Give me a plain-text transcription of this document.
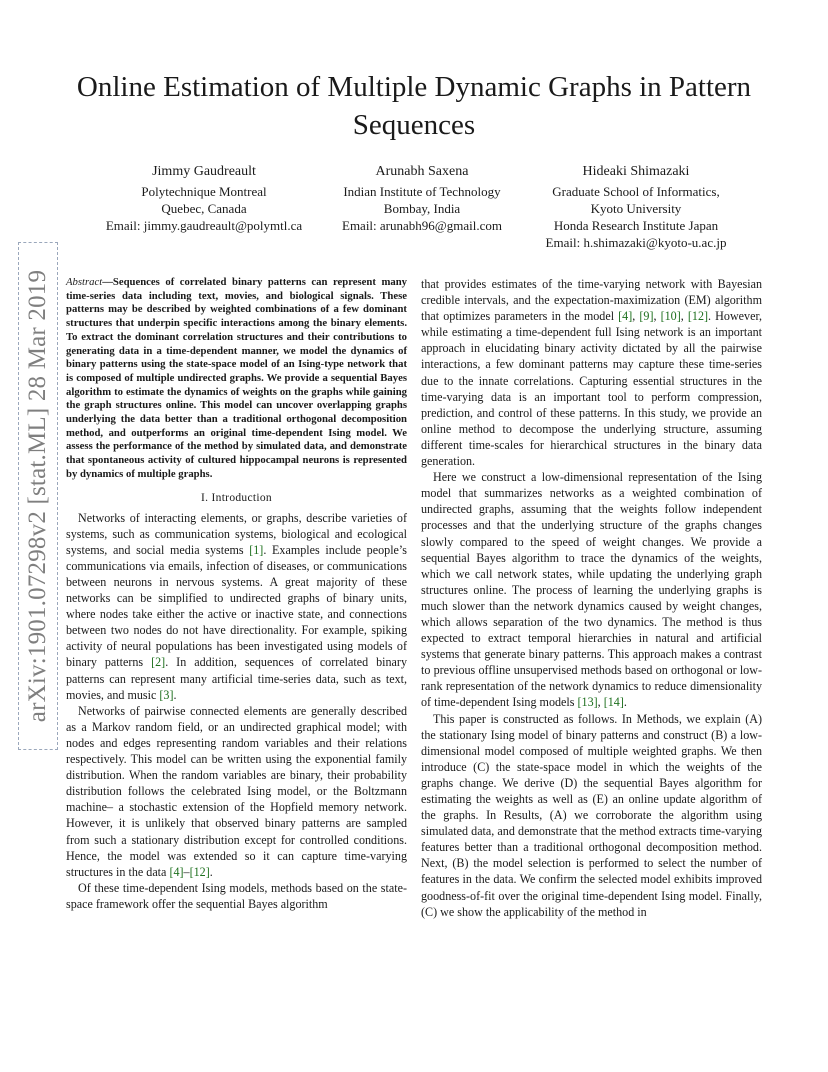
Online Estimation of Multiple Dynamic Graphs in Pattern Sequences
Jimmy Gaudreault
Polytechnique Montreal
Quebec, Canada
Email: jimmy.gaudreault@polymtl.ca
Arunabh Saxena
Indian Institute of Technology
Bombay, India
Email: arunabh96@gmail.com
Hideaki Shimazaki
Graduate School of Informatics,
Kyoto University
Honda Research Institute Japan
Email: h.shimazaki@kyoto-u.ac.jp
arXiv:1901.07298v2 [stat.ML] 28 Mar 2019 Abstract—Sequences of correlated binary patterns can represent many time-series data including text, movies, and biological signals. These patterns may be described by weighted combinations of a few dominant structures that underpin specific interactions among the binary elements. To extract the dominant correlation structures and their contributions to generating data in a time-dependent manner, we model the dynamics of binary patterns using the state-space model of an Ising-type network that is composed of multiple undirected graphs. We provide a sequential Bayes algorithm to estimate the dynamics of weights on the graphs while gaining the graph structures online. This model can uncover overlapping graphs underlying the data better than a traditional orthogonal decomposition method, and outperforms an original time-dependent Ising model. We assess the performance of the method by simulated data, and demonstrate that spontaneous activity of cultured hippocampal neurons is represented by dynamics of multiple graphs.

I. Introduction

Networks of interacting elements, or graphs, describe varieties of systems, such as communication systems, biological and ecological systems, and social media systems [1]. Examples include people’s communications via emails, infection of diseases, or communications between neurons in nervous systems. A great majority of these networks can be simplified to undirected graphs of binary units, where nodes take either the active or inactive state, and connections between two nodes do not have directionality. For example, spiking activity of neural populations has been investigated using models of binary patterns [2]. In addition, sequences of correlated binary patterns can represent many artificial time-series data, such as text, movies, and music [3].

Networks of pairwise connected elements are generally described as a Markov random field, or an undirected graphical model; with nodes and edges representing random variables and their relations respectively. This model can be written using the exponential family distribution. When the random variables are binary, their probability distribution follows the celebrated Ising model, or the Boltzmann machine– a stochastic extension of the Hopfield memory network. However, it is unlikely that observed binary patterns are sampled from such a stationary distribution except for controlled conditions. Hence, the model was extended so it can capture time-varying structures in the data [4]–[12].

Of these time-dependent Ising models, methods based on the state-space framework offer the sequential Bayes algorithm

that provides estimates of the time-varying network with Bayesian credible intervals, and the expectation-maximization (EM) algorithm that optimizes parameters in the model [4], [9], [10], [12]. However, while estimating a time-dependent full Ising network is an important approach in elucidating binary activity dictated by all the pairwise interactions, a few dominant patterns may capture these time-series due to the innate correlations. Capturing essential structures in the time-varying data is an important tool to perform compression, prediction, and control of these patterns. In this study, we provide an online method to decompose the underlying structure, assuming different time-scales for hierarchical structures in the binary data generation.

Here we construct a low-dimensional representation of the Ising model that summarizes networks as a weighted combination of undirected graphs, assuming that the weights follow independent processes and that the underlying structure of the graphs changes slowly compared to the speed of weight changes. We provide a sequential Bayes algorithm to trace the dynamics of the weights, which we call network states, while updating the underlying graph structures online. The process of learning the underlying graphs is much slower than the network dynamics caused by weight changes, which allows separation of the two dynamics. The method is thus expected to extract temporal hierarchies in natural and artificial systems that generate binary patterns. This approach makes a contrast to previous offline unsupervised methods based on orthogonal or low-rank representation of the network dynamics to reduce dimensionality of time-dependent Ising models [13], [14].

This paper is constructed as follows. In Methods, we explain (A) the stationary Ising model of binary patterns and construct (B) a low-dimensional model composed of multiple weighted graphs. We then introduce (C) the state-space model in which the weights of the graphs change. We derive (D) the sequential Bayes algorithm for estimating the weights as well as (E) an online update algorithm of the graphs. In Results, (A) we corroborate the algorithm using simulated data, and demonstrate that the method extracts time-varying features better than a traditional orthogonal decomposition method. Next, (B) the model selection is performed to select the number of features in the data. We confirm the selected model exhibits improved goodness-of-fit over the original time-dependent Ising model. Finally, (C) we show the applicability of the method in
